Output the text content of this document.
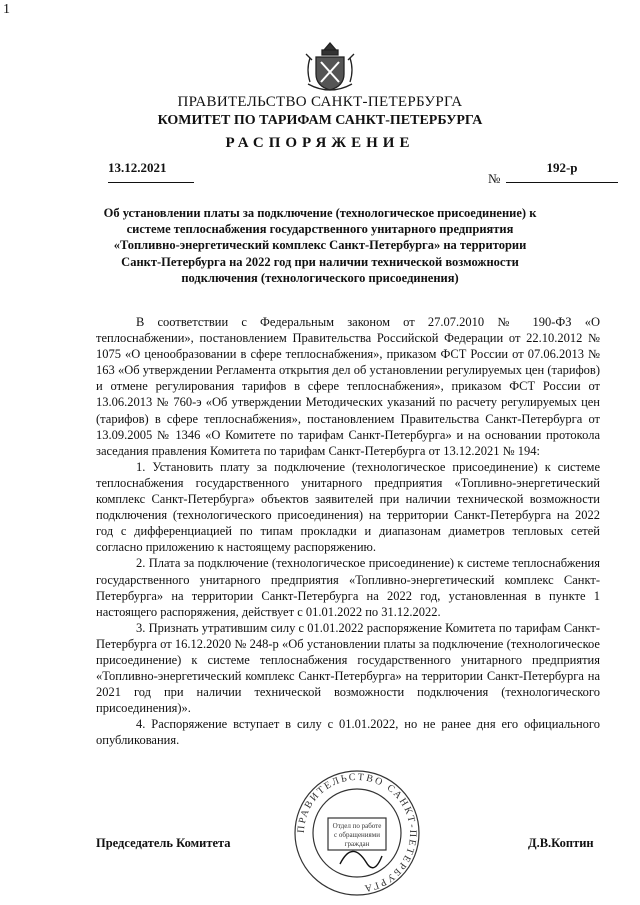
1
ПРАВИТЕЛЬСТВО САНКТ-ПЕТЕРБУРГА
КОМИТЕТ ПО ТАРИФАМ САНКТ-ПЕТЕРБУРГА
РАСПОРЯЖЕНИЕ
13.12.2021
№
192-р
Об установлении платы за подключение (технологическое присоединение) к системе теплоснабжения государственного унитарного предприятия «Топливно-энергетический комплекс Санкт-Петербурга» на территории Санкт-Петербурга на 2022 год при наличии технической возможности подключения (технологического присоединения)

В соответствии с Федеральным законом от 27.07.2010 № 190-ФЗ «О теплоснабжении», постановлением Правительства Российской Федерации от 22.10.2012 № 1075 «О ценообразовании в сфере теплоснабжения», приказом ФСТ России от 07.06.2013 № 163 «Об утверждении Регламента открытия дел об установлении регулируемых цен (тарифов) и отмене регулирования тарифов в сфере теплоснабжения», приказом ФСТ России от 13.06.2013 № 760-э «Об утверждении Методических указаний по расчету регулируемых цен (тарифов) в сфере теплоснабжения», постановлением Правительства Санкт-Петербурга от 13.09.2005 № 1346 «О Комитете по тарифам Санкт-Петербурга» и на основании протокола заседания правления Комитета по тарифам Санкт-Петербурга от 13.12.2021 № 194:

1. Установить плату за подключение (технологическое присоединение) к системе теплоснабжения государственного унитарного предприятия «Топливно-энергетический комплекс Санкт-Петербурга» объектов заявителей при наличии технической возможности подключения (технологического присоединения) на территории Санкт-Петербурга на 2022 год с дифференциацией по типам прокладки и диапазонам диаметров тепловых сетей согласно приложению к настоящему распоряжению.

2. Плата за подключение (технологическое присоединение) к системе теплоснабжения государственного унитарного предприятия «Топливно-энергетический комплекс Санкт-Петербурга» на территории Санкт-Петербурга на 2022 год, установленная в пункте 1 настоящего распоряжения, действует с 01.01.2022 по 31.12.2022.

3. Признать утратившим силу с 01.01.2022 распоряжение Комитета по тарифам Санкт-Петербурга от 16.12.2020 № 248-р «Об установлении платы за подключение (технологическое присоединение) к системе теплоснабжения государственного унитарного предприятия «Топливно-энергетический комплекс Санкт-Петербурга» на территории Санкт-Петербурга на 2021 год при наличии технической возможности подключения (технологического присоединения)».

4. Распоряжение вступает в силу с 01.01.2022, но не ранее дня его официального опубликования.

ПРАВИТЕЛЬСТВО САНКТ-ПЕТЕРБУРГА
Отдел по работе
с обращениями
граждан
Председатель Комитета	Д.В.Коптин
